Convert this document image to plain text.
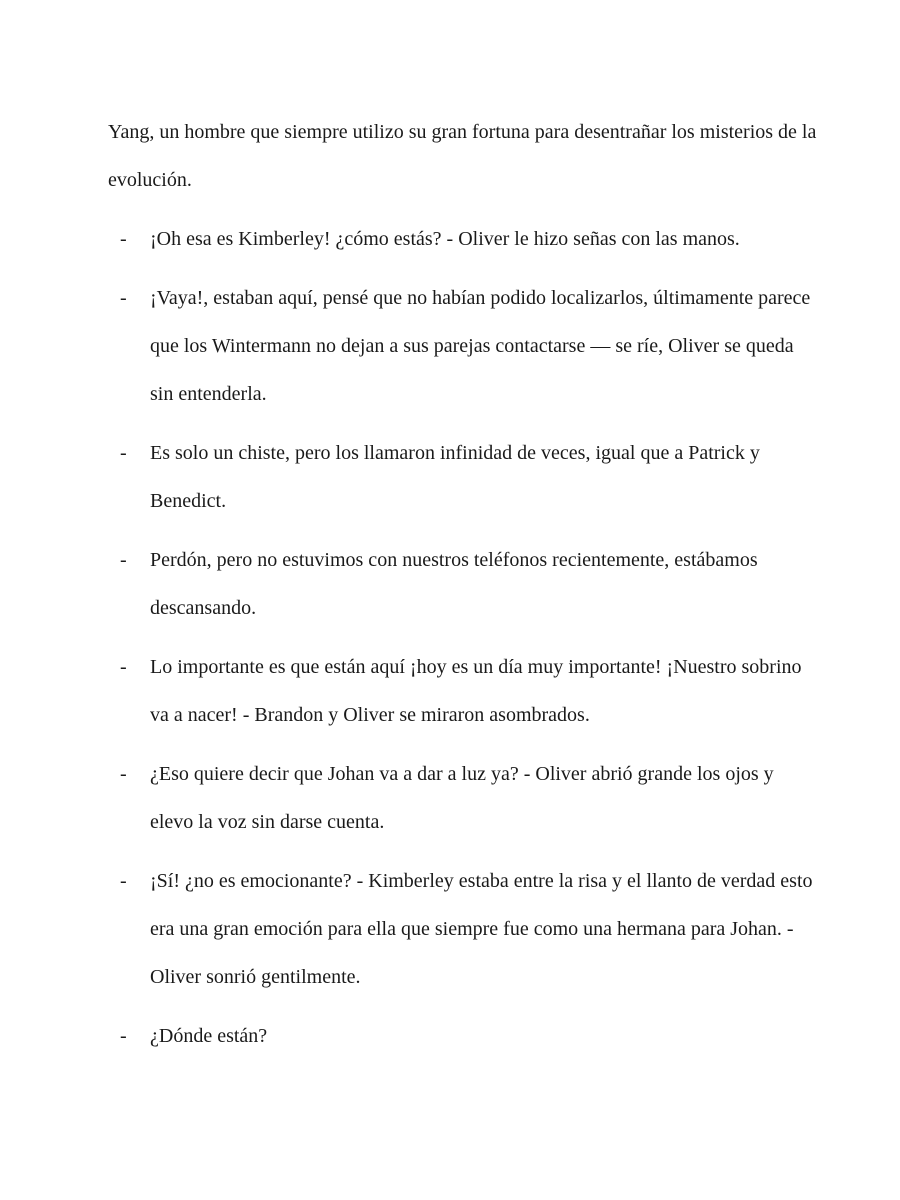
Yang, un hombre que siempre utilizo su gran fortuna para desentrañar los misterios de la evolución.

-	¡Oh esa es Kimberley! ¿cómo estás? - Oliver le hizo señas con las manos.
-	¡Vaya!, estaban aquí, pensé que no habían podido localizarlos, últimamente parece que los Wintermann no dejan a sus parejas contactarse — se ríe, Oliver se queda sin entenderla.
-	Es solo un chiste, pero los llamaron infinidad de veces, igual que a Patrick y Benedict.
-	Perdón, pero no estuvimos con nuestros teléfonos recientemente, estábamos descansando.
-	Lo importante es que están aquí ¡hoy es un día muy importante! ¡Nuestro sobrino va a nacer! - Brandon y Oliver se miraron asombrados.
-	¿Eso quiere decir que Johan va a dar a luz ya? - Oliver abrió grande los ojos y elevo la voz sin darse cuenta.
-	¡Sí! ¿no es emocionante? - Kimberley estaba entre la risa y el llanto de verdad esto era una gran emoción para ella que siempre fue como una hermana para Johan. - Oliver sonrió gentilmente.
-	¿Dónde están?
